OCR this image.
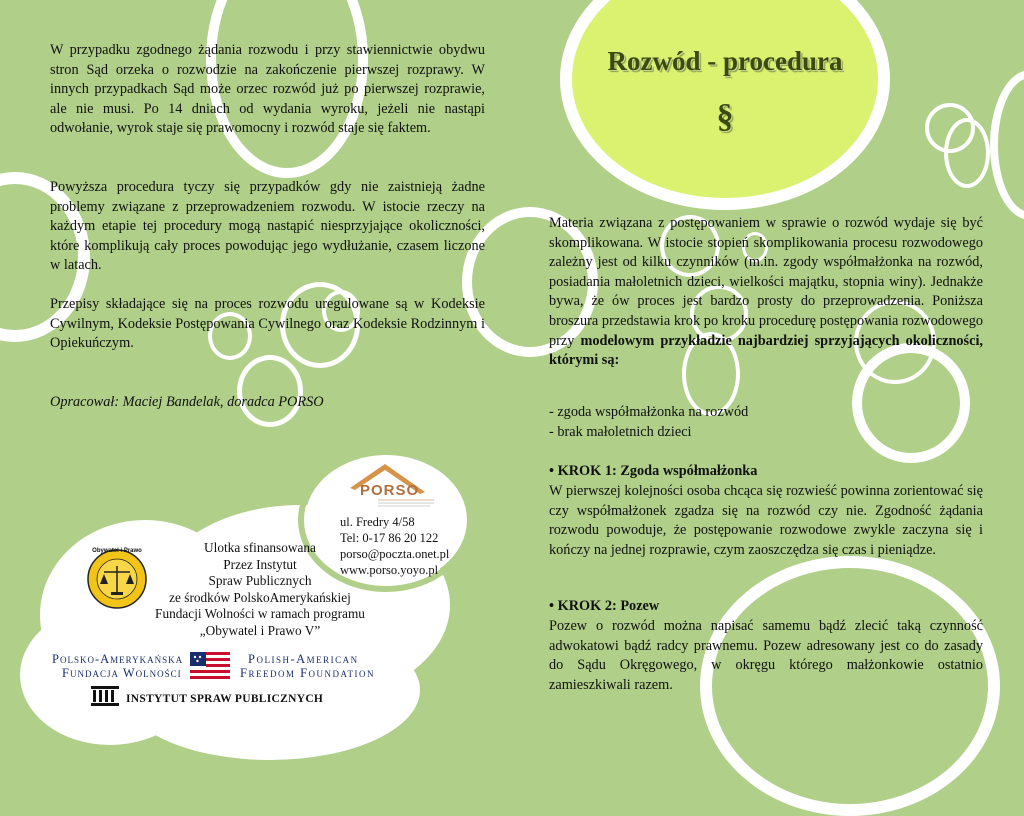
Rozwód - procedura
§

W przypadku zgodnego żądania rozwodu i przy stawiennictwie obydwu stron Sąd orzeka o rozwodzie na zakończenie pierwszej rozprawy. W innych przypadkach Sąd może orzec rozwód już po pierwszej rozprawie, ale nie musi. Po 14 dniach od wydania wyroku, jeżeli nie nastąpi odwołanie, wyrok staje się prawomocny i rozwód staje się faktem.

Powyższa procedura tyczy się przypadków gdy nie zaistnieją żadne problemy związane z przeprowadzeniem rozwodu. W istocie rzeczy na każdym etapie tej procedury mogą nastąpić niesprzyjające okoliczności, które komplikują cały proces powodując jego wydłużanie, czasem liczone w latach.

Przepisy składające się na proces rozwodu uregulowane są w Kodeksie Cywilnym, Kodeksie Postępowania Cywilnego oraz Kodeksie Rodzinnym i Opiekuńczym.

Opracował: Maciej Bandelak, doradca PORSO

PORSO
ul. Fredry 4/58
Tel: 0-17 86 20 122
porso@poczta.onet.pl
www.porso.yoyo.pl
Obywatel i Prawo	Ulotka sfinansowana
Przez Instytut
Spraw Publicznych
ze środków PolskoAmerykańskiej
Fundacji Wolności w ramach programu
„Obywatel i Prawo V”
Polsko-Amerykańska
Fundacja Wolności
Polish-American
Freedom Foundation
INSTYTUT SPRAW PUBLICZNYCH

Materia związana z postępowaniem w sprawie o rozwód wydaje się być skomplikowana. W istocie stopień skomplikowania procesu rozwodowego zależny jest od kilku czynników (m.in. zgody współmałżonka na rozwód, posiadania małoletnich dzieci, wielkości majątku, stopnia winy). Jednakże bywa, że ów proces jest bardzo prosty do przeprowadzenia. Poniższa broszura przedstawia krok po kroku procedurę postępowania rozwodowego przy modelowym przykładzie najbardziej sprzyjających okoliczności, którymi są:

- zgoda współmałżonka na rozwód

- brak małoletnich dzieci

• KROK 1: Zgoda współmałżonka

W pierwszej kolejności osoba chcąca się rozwieść powinna zorientować się czy współmałżonek zgadza się na rozwód czy nie. Zgodność żądania rozwodu powoduje, że postępowanie rozwodowe zwykle zaczyna się i kończy na jednej rozprawie, czym zaoszczędza się czas i pieniądze.

• KROK 2: Pozew

Pozew o rozwód można napisać samemu bądź zlecić taką czynność adwokatowi bądź radcy prawnemu. Pozew adresowany jest co do zasady do Sądu Okręgowego, w okręgu którego małżonkowie ostatnio zamieszkiwali razem.
